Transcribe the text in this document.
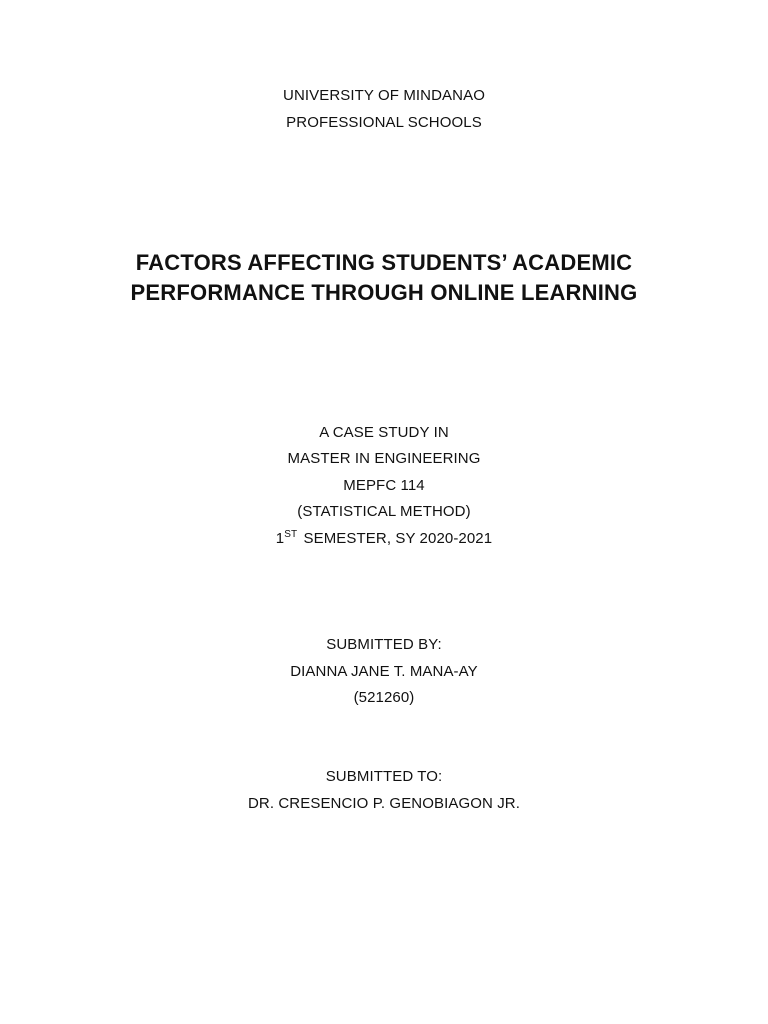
UNIVERSITY OF MINDANAO
PROFESSIONAL SCHOOLS
FACTORS AFFECTING STUDENTS’ ACADEMIC
PERFORMANCE THROUGH ONLINE LEARNING
A CASE STUDY IN
MASTER IN ENGINEERING
MEPFC 114
(STATISTICAL METHOD)
1ST SEMESTER, SY 2020-2021
SUBMITTED BY:
DIANNA JANE T. MANA-AY
(521260)
SUBMITTED TO:
DR. CRESENCIO P. GENOBIAGON JR.
